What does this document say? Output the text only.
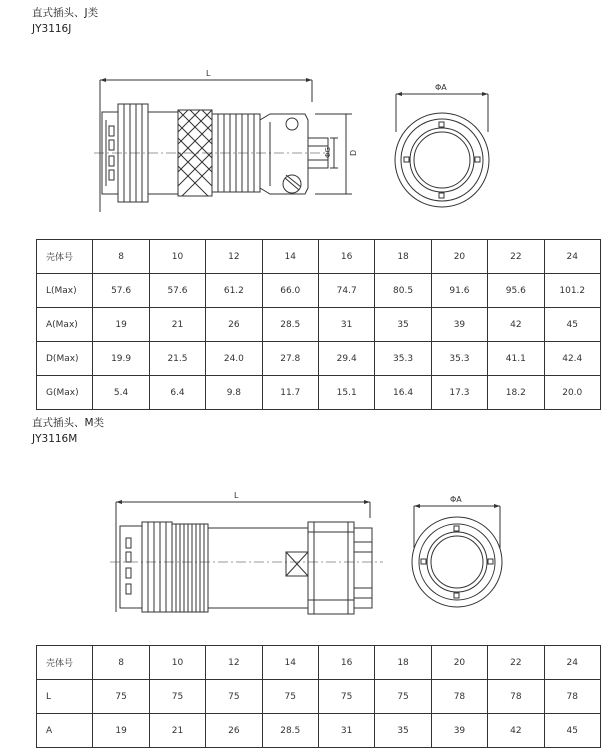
直式插头、J类
JY3116J
L
ΦA
ΦG D
壳体号	8	10	12	14	16	18	20	22	24
L(Max)	57.6	57.6	61.2	66.0	74.7	80.5	91.6	95.6	101.2
A(Max)	19	21	26	28.5	31	35	39	42	45
D(Max)	19.9	21.5	24.0	27.8	29.4	35.3	35.3	41.1	42.4
G(Max)	5.4	6.4	9.8	11.7	15.1	16.4	17.3	18.2	20.0
直式插头、M类
JY3116M
L	ΦA
壳体号	8	10	12	14	16	18	20	22	24
L	75	75	75	75	75	75	78	78	78
A	19	21	26	28.5	31	35	39	42	45
